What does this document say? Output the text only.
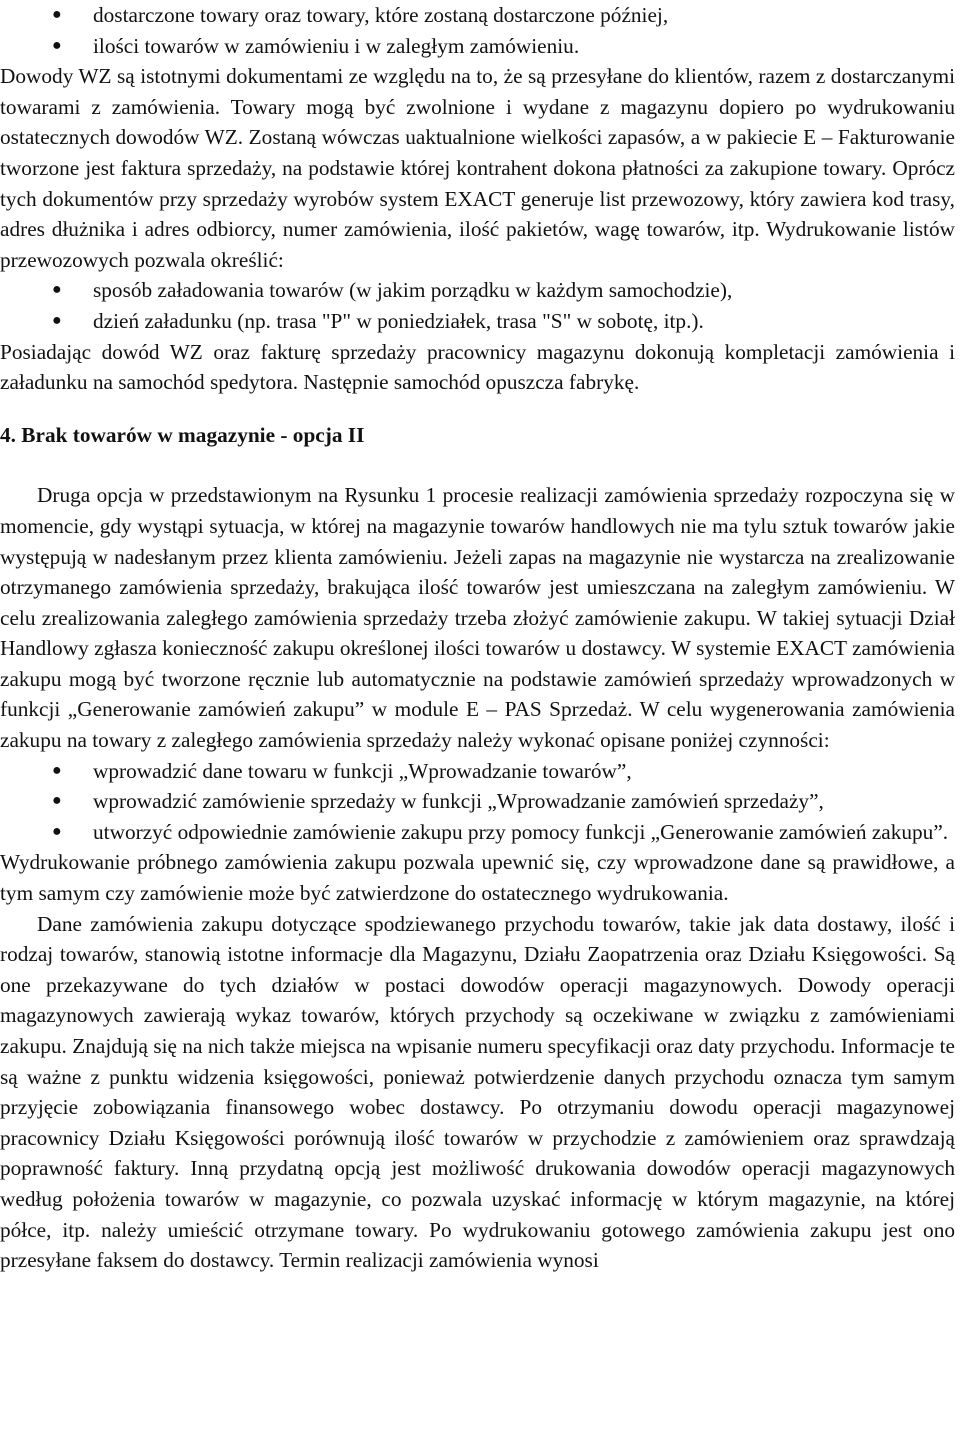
● dostarczone towary oraz towary, które zostaną dostarczone później,
● ilości towarów w zamówieniu i w zaległym zamówieniu.

Dowody WZ są istotnymi dokumentami ze względu na to, że są przesyłane do klientów, razem z dostarczanymi towarami z zamówienia. Towary mogą być zwolnione i wydane z magazynu dopiero po wydrukowaniu ostatecznych dowodów WZ. Zostaną wówczas uaktualnione wielkości zapasów, a w pakiecie E – Fakturowanie tworzone jest faktura sprzedaży, na podstawie której kontrahent dokona płatności za zakupione towary. Oprócz tych dokumentów przy sprzedaży wyrobów system EXACT generuje list przewozowy, który zawiera kod trasy, adres dłużnika i adres odbiorcy, numer zamówienia, ilość pakietów, wagę towarów, itp. Wydrukowanie listów przewozowych pozwala określić:

● sposób załadowania towarów (w jakim porządku w każdym samochodzie),
● dzień załadunku (np. trasa "P" w poniedziałek, trasa "S" w sobotę, itp.).

Posiadając dowód WZ oraz fakturę sprzedaży pracownicy magazynu dokonują kompletacji zamówienia i załadunku na samochód spedytora. Następnie samochód opuszcza fabrykę.

4. Brak towarów w magazynie - opcja II

Druga opcja w przedstawionym na Rysunku 1 procesie realizacji zamówienia sprzedaży rozpoczyna się w momencie, gdy wystąpi sytuacja, w której na magazynie towarów handlowych nie ma tylu sztuk towarów jakie występują w nadesłanym przez klienta zamówieniu. Jeżeli zapas na magazynie nie wystarcza na zrealizowanie otrzymanego zamówienia sprzedaży, brakująca ilość towarów jest umieszczana na zaległym zamówieniu. W celu zrealizowania zaległego zamówienia sprzedaży trzeba złożyć zamówienie zakupu. W takiej sytuacji Dział Handlowy zgłasza konieczność zakupu określonej ilości towarów u dostawcy. W systemie EXACT zamówienia zakupu mogą być tworzone ręcznie lub automatycznie na podstawie zamówień sprzedaży wprowadzonych w funkcji „Generowanie zamówień zakupu” w module E – PAS Sprzedaż. W celu wygenerowania zamówienia zakupu na towary z zaległego zamówienia sprzedaży należy wykonać opisane poniżej czynności:

● wprowadzić dane towaru w funkcji „Wprowadzanie towarów”,
● wprowadzić zamówienie sprzedaży w funkcji „Wprowadzanie zamówień sprzedaży”,
● utworzyć odpowiednie zamówienie zakupu przy pomocy funkcji „Generowanie zamówień zakupu”.

Wydrukowanie próbnego zamówienia zakupu pozwala upewnić się, czy wprowadzone dane są prawidłowe, a tym samym czy zamówienie może być zatwierdzone do ostatecznego wydrukowania.

Dane zamówienia zakupu dotyczące spodziewanego przychodu towarów, takie jak data dostawy, ilość i rodzaj towarów, stanowią istotne informacje dla Magazynu, Działu Zaopatrzenia oraz Działu Księgowości. Są one przekazywane do tych działów w postaci dowodów operacji magazynowych. Dowody operacji magazynowych zawierają wykaz towarów, których przychody są oczekiwane w związku z zamówieniami zakupu. Znajdują się na nich także miejsca na wpisanie numeru specyfikacji oraz daty przychodu. Informacje te są ważne z punktu widzenia księgowości, ponieważ potwierdzenie danych przychodu oznacza tym samym przyjęcie zobowiązania finansowego wobec dostawcy. Po otrzymaniu dowodu operacji magazynowej pracownicy Działu Księgowości porównują ilość towarów w przychodzie z zamówieniem oraz sprawdzają poprawność faktury. Inną przydatną opcją jest możliwość drukowania dowodów operacji magazynowych według położenia towarów w magazynie, co pozwala uzyskać informację w którym magazynie, na której półce, itp. należy umieścić otrzymane towary. Po wydrukowaniu gotowego zamówienia zakupu jest ono przesyłane faksem do dostawcy. Termin realizacji zamówienia wynosi
